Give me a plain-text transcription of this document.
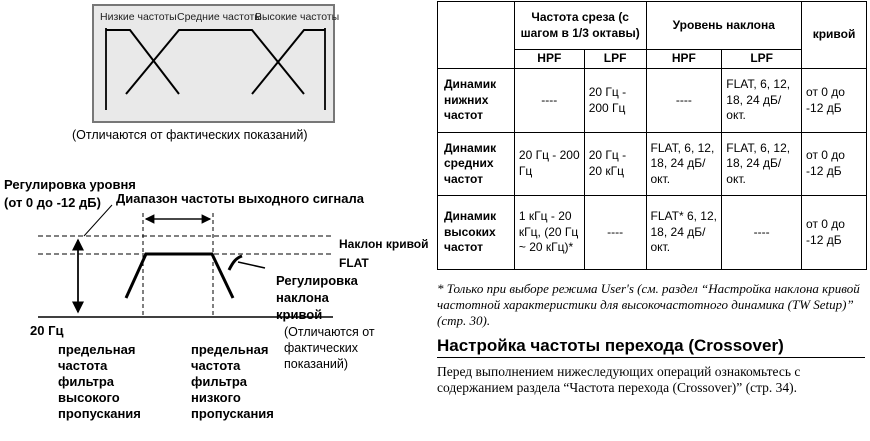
Низкие частоты Средние частоты
Высокие частоты
(Отличаются от фактических показаний)
Регулировка уровня (от 0 до -12 дБ)	Диапазон частоты выходного сигнала
Наклон кривой
FLAT
Регулировка наклона кривой
20 Гц
предельная частота фильтра высокого пропускания
предельная частота фильтра низкого пропускания
(Отличаются от фактических показаний)
	Частота среза (с шагом в 1/3 октавы)		Уровень наклона		кривой
	HPF	LPF	HPF	LPF	
Динамик нижних частот	----	20 Гц - 200 Гц	----	FLAT, 6, 12, 18, 24 дБ/окт.	от 0 до -12 дБ
Динамик средних частот	20 Гц - 200 Гц	20 Гц - 20 кГц	FLAT, 6, 12, 18, 24 дБ/окт.	FLAT, 6, 12, 18, 24 дБ/окт.	от 0 до -12 дБ
Динамик высоких частот	1 кГц - 20 кГц, (20 Гц ~ 20 кГц)*	----	FLAT* 6, 12, 18, 24 дБ/окт.	----	от 0 до -12 дБ
* Только при выборе режима User's (см. раздел “Настройка наклона кривой частотной характеристики для высокочастотного динамика (TW Setup)” (стр. 30).
Настройка частоты перехода (Crossover)
Перед выполнением нижеследующих операций ознакомьтесь с содержанием раздела “Частота перехода (Crossover)” (стр. 34).
